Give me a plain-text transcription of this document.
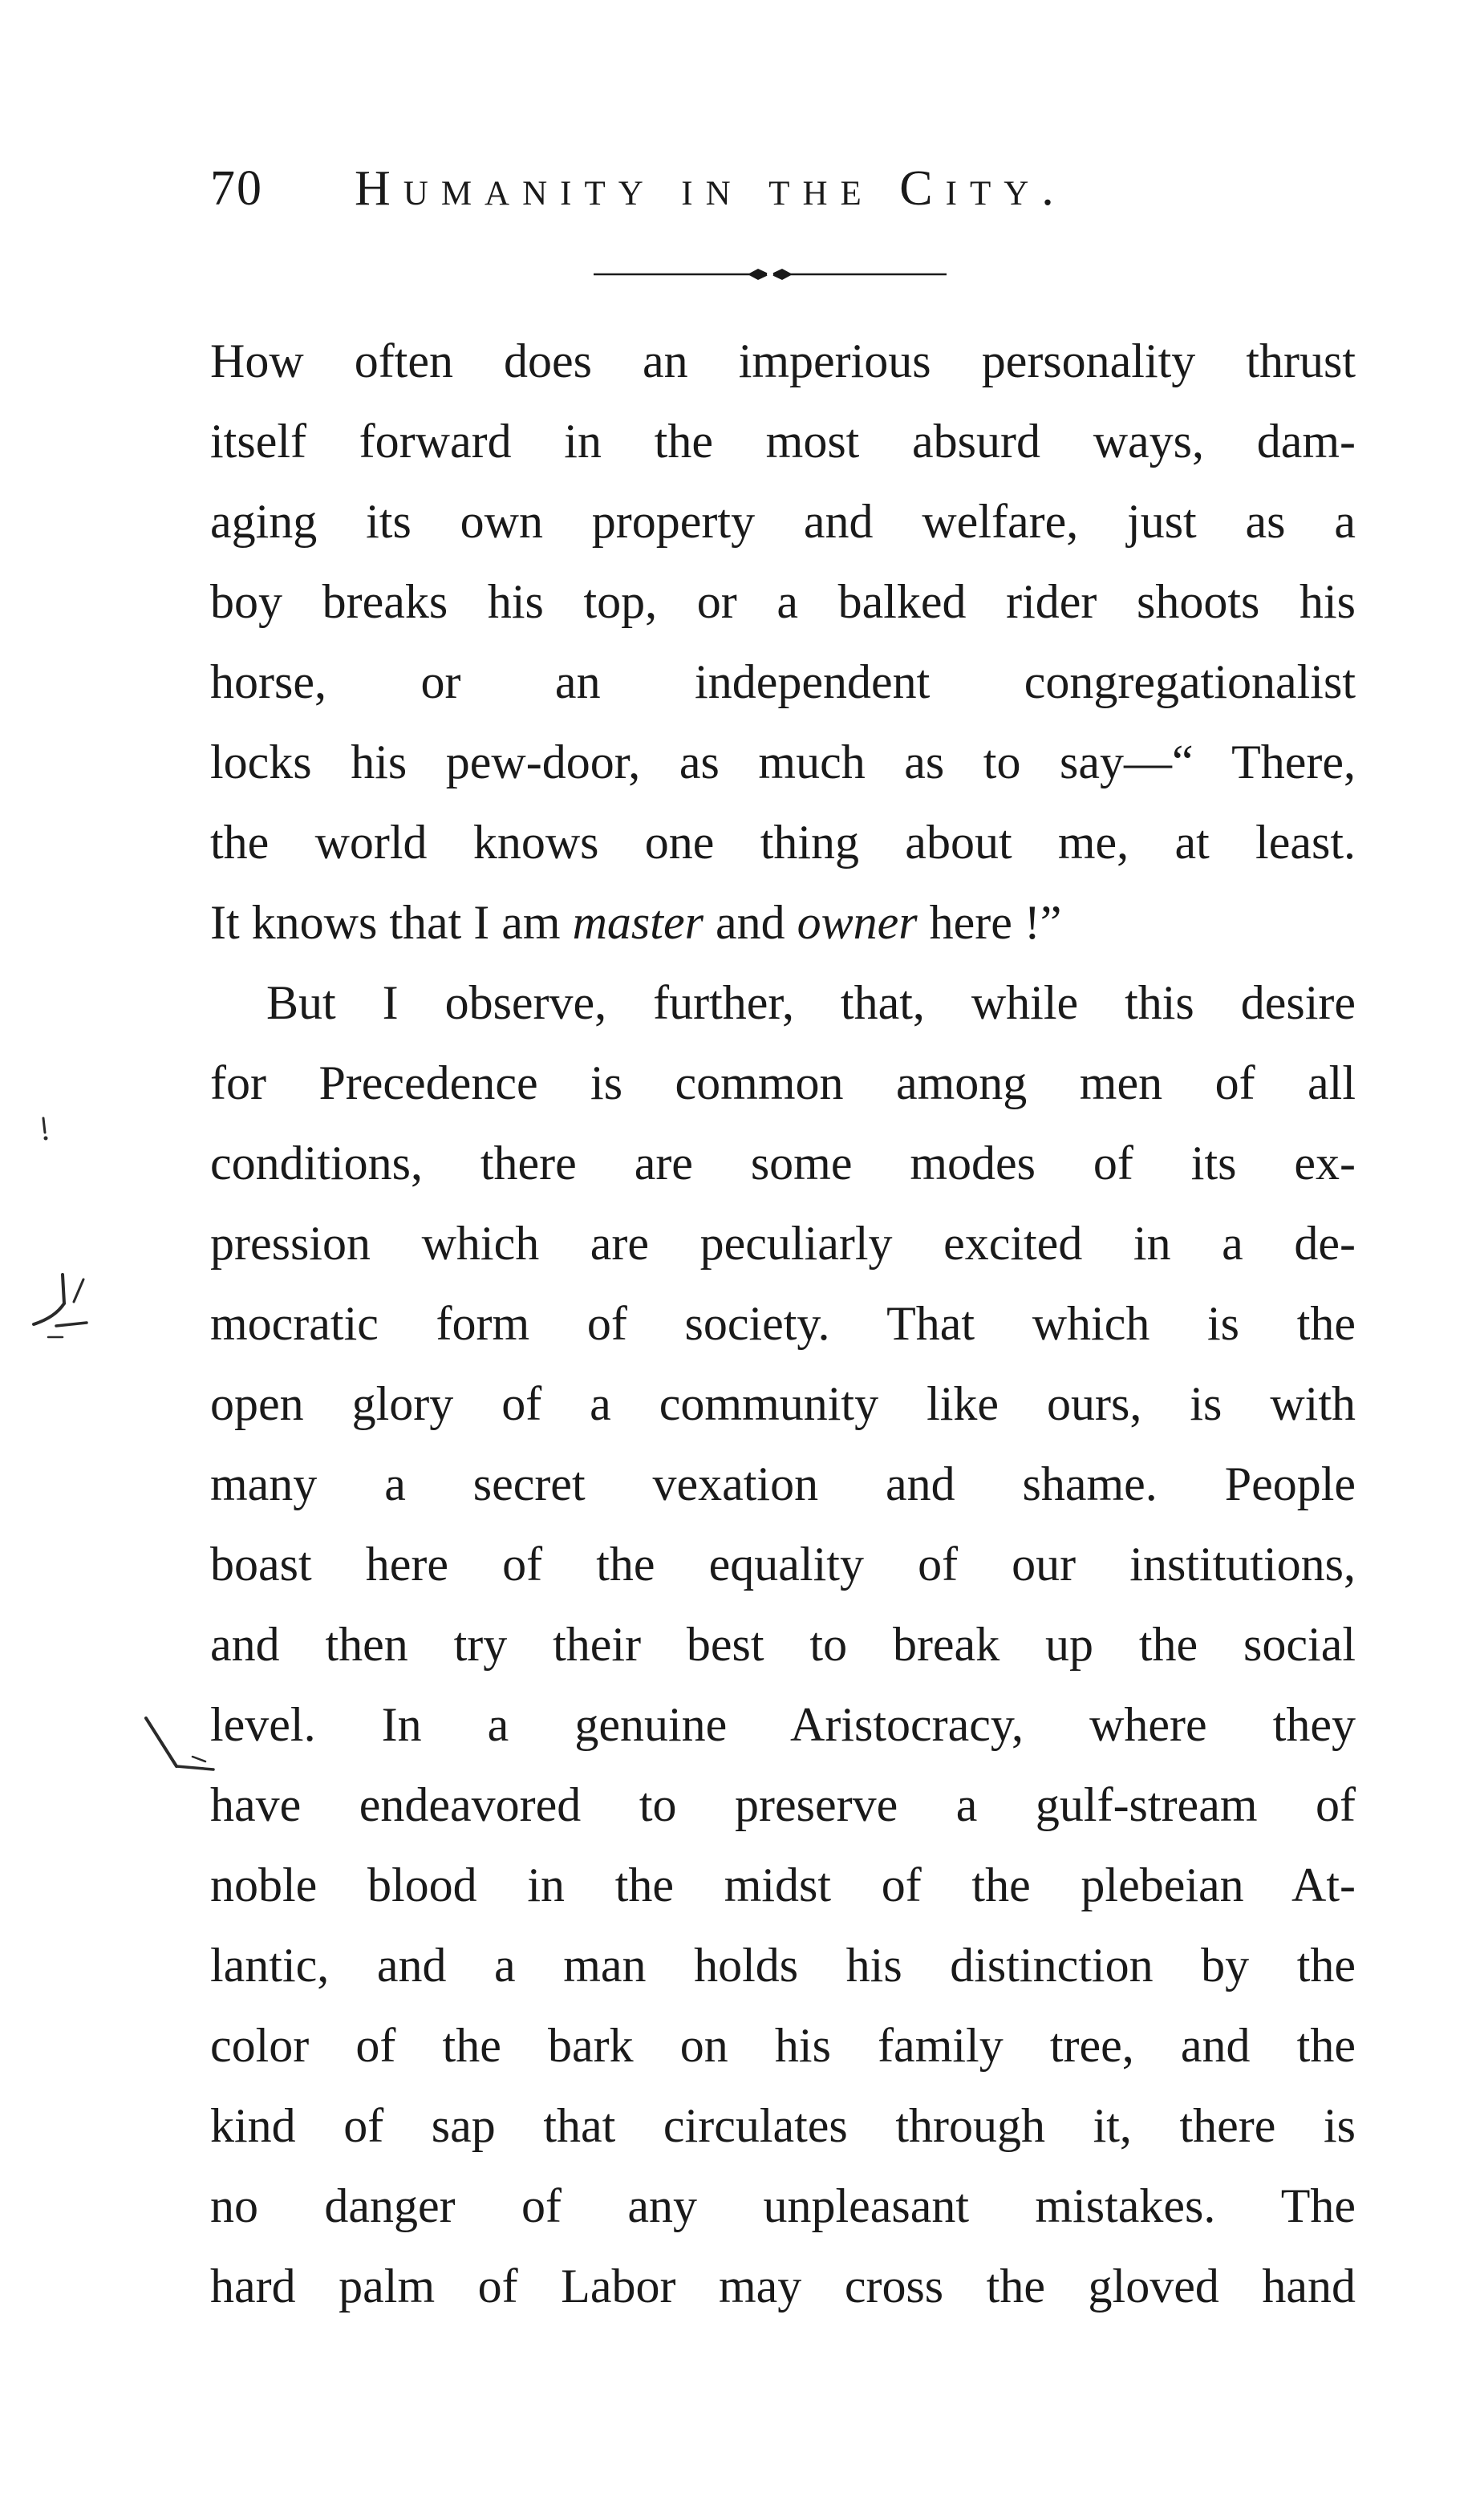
70 Humanity in the City.
How often does an imperious personality thrust
itself forward in the most absurd ways, dam-
aging its own property and welfare, just as a
boy breaks his top, or a balked rider shoots his
horse, or an independent congregationalist
locks his pew-door, as much as to say—“ There,
the world knows one thing about me, at least.
It knows that I am master and owner here !”
But I observe, further, that, while this desire
for Precedence is common among men of all
conditions, there are some modes of its ex-
pression which are peculiarly excited in a de-
mocratic form of society. That which is the
open glory of a community like ours, is with
many a secret vexation and shame. People
boast here of the equality of our institutions,
and then try their best to break up the social
level. In a genuine Aristocracy, where they
have endeavored to preserve a gulf-stream of
noble blood in the midst of the plebeian At-
lantic, and a man holds his distinction by the
color of the bark on his family tree, and the
kind of sap that circulates through it, there is
no danger of any unpleasant mistakes. The
hard palm of Labor may cross the gloved hand
